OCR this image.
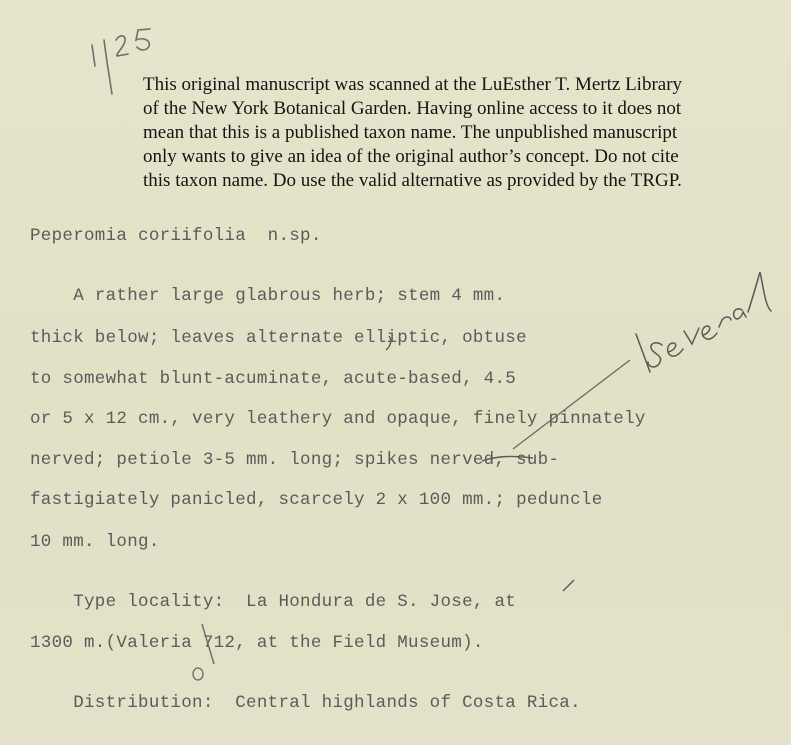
This original manuscript was scanned at the LuEsther T. Mertz Library
of the New York Botanical Garden. Having online access to it does not
mean that this is a published taxon name. The unpublished manuscript
only wants to give an idea of the original author’s concept. Do not cite
this taxon name. Do use the valid alternative as provided by the TRGP.
Peperomia coriifolia  n.sp.
A rather large glabrous herb; stem 4 mm.
thick below; leaves alternate elliptic, obtuse
to somewhat blunt-acuminate, acute-based, 4.5
or 5 x 12 cm., very leathery and opaque, finely pinnately
nerved; petiole 3-5 mm. long; spikes nerved, sub-
fastigiately panicled, scarcely 2 x 100 mm.; peduncle
10 mm. long.
Type locality:  La Hondura de S. Jose, at
1300 m.(Valeria 712, at the Field Museum).
Distribution:  Central highlands of Costa Rica.
